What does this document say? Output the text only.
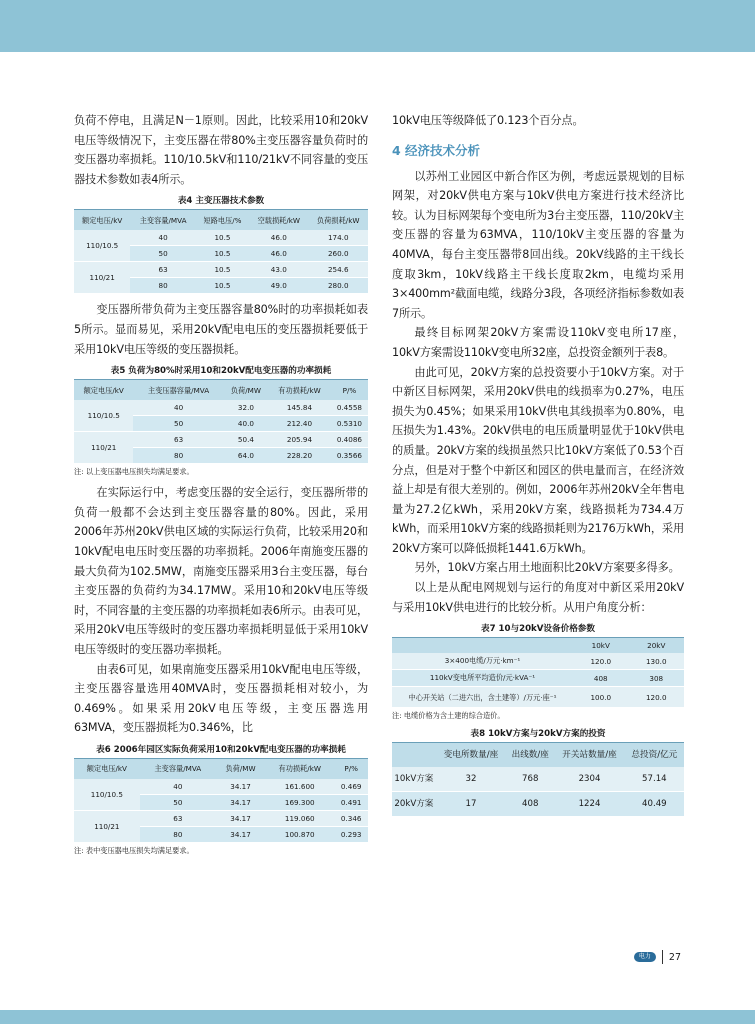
负荷不停电，且满足N－1原则。因此，比较采用10和20kV电压等级情况下，主变压器在带80%主变压器容量负荷时的变压器功率损耗。110/10.5kV和110/21kV不同容量的变压器技术参数如表4所示。

表4 主变压器技术参数
额定电压/kV	主变容量/MVA	短路电压/%	空载损耗/kW	负荷损耗/kW
110/10.5	40	10.5	46.0	174.0
	50	10.5	46.0	260.0
110/21	63	10.5	43.0	254.6
	80	10.5	49.0	280.0

变压器所带负荷为主变压器容量80%时的功率损耗如表5所示。显而易见，采用20kV配电电压的变压器损耗要低于采用10kV电压等级的变压器损耗。

表5 负荷为80%时采用10和20kV配电变压器的功率损耗
额定电压/kV	主变压器容量/MVA	负荷/MW	有功损耗/kW	P/%
110/10.5	40	32.0	145.84	0.4558
	50	40.0	212.40	0.5310
110/21	63	50.4	205.94	0.4086
	80	64.0	228.20	0.3566
注: 以上变压器电压损失均满足要求。

在实际运行中，考虑变压器的安全运行，变压器所带的负荷一般都不会达到主变压器容量的80%。因此，采用2006年苏州20kV供电区域的实际运行负荷，比较采用20和10kV配电电压时变压器的功率损耗。2006年南施变压器的最大负荷为102.5MW，南施变压器采用3台主变压器，每台主变压器的负荷约为34.17MW。采用10和20kV电压等级时，不同容量的主变压器的功率损耗如表6所示。由表可见，采用20kV电压等级时的变压器功率损耗明显低于采用10kV电压等级时的变压器功率损耗。

由表6可见，如果南施变压器采用10kV配电电压等级，主变压器容量选用40MVA时，变压器损耗相对较小，为0.469%。如果采用20kV电压等级，主变压器选用63MVA，变压器损耗为0.346%，比

表6 2006年园区实际负荷采用10和20kV配电变压器的功率损耗
额定电压/kV	主变容量/MVA	负荷/MW	有功损耗/kW	P/%
110/10.5	40	34.17	161.600	0.469
	50	34.17	169.300	0.491
110/21	63	34.17	119.060	0.346
	80	34.17	100.870	0.293
注: 表中变压器电压损失均满足要求。

10kV电压等级降低了0.123个百分点。

4 经济技术分析

以苏州工业园区中新合作区为例，考虑远景规划的目标网架，对20kV供电方案与10kV供电方案进行技术经济比较。认为目标网架每个变电所为3台主变压器，110/20kV主变压器的容量为63MVA，110/10kV主变压器的容量为40MVA，每台主变压器带8回出线。20kV线路的主干线长度取3km，10kV线路主干线长度取2km，电缆均采用3×400mm²截面电缆，线路分3段，各项经济指标参数如表7所示。

最终目标网架20kV方案需设110kV变电所17座，10kV方案需设110kV变电所32座，总投资金额列于表8。

由此可见，20kV方案的总投资要小于10kV方案。对于中新区目标网架，采用20kV供电的线损率为0.27%，电压损失为0.45%；如果采用10kV供电其线损率为0.80%，电压损失为1.43%。20kV供电的电压质量明显优于10kV供电的质量。20kV方案的线损虽然只比10kV方案低了0.53个百分点，但是对于整个中新区和园区的供电量而言，在经济效益上却是有很大差别的。例如，2006年苏州20kV全年售电量为27.2亿kWh，采用20kV方案，线路损耗为734.4万kWh，而采用10kV方案的线路损耗则为2176万kWh，采用20kV方案可以降低损耗1441.6万kWh。

另外，10kV方案占用土地面积比20kV方案要多得多。

以上是从配电网规划与运行的角度对中新区采用20kV与采用10kV供电进行的比较分析。从用户角度分析：

表7 10与20kV设备价格参数
	10kV	20kV
3×400电缆/万元·km⁻¹	120.0	130.0
110kV变电所平均造价/元·kVA⁻¹	408	308
中心开关站（二进六出，含土建等）/万元·座⁻¹	100.0	120.0
注: 电缆价格为含土建的综合造价。
表8 10kV方案与20kV方案的投资
	变电所数量/座	出线数/座	开关站数量/座	总投资/亿元
10kV方案	32	768	2304	57.14
20kV方案	17	408	1224	40.49
电力	27
